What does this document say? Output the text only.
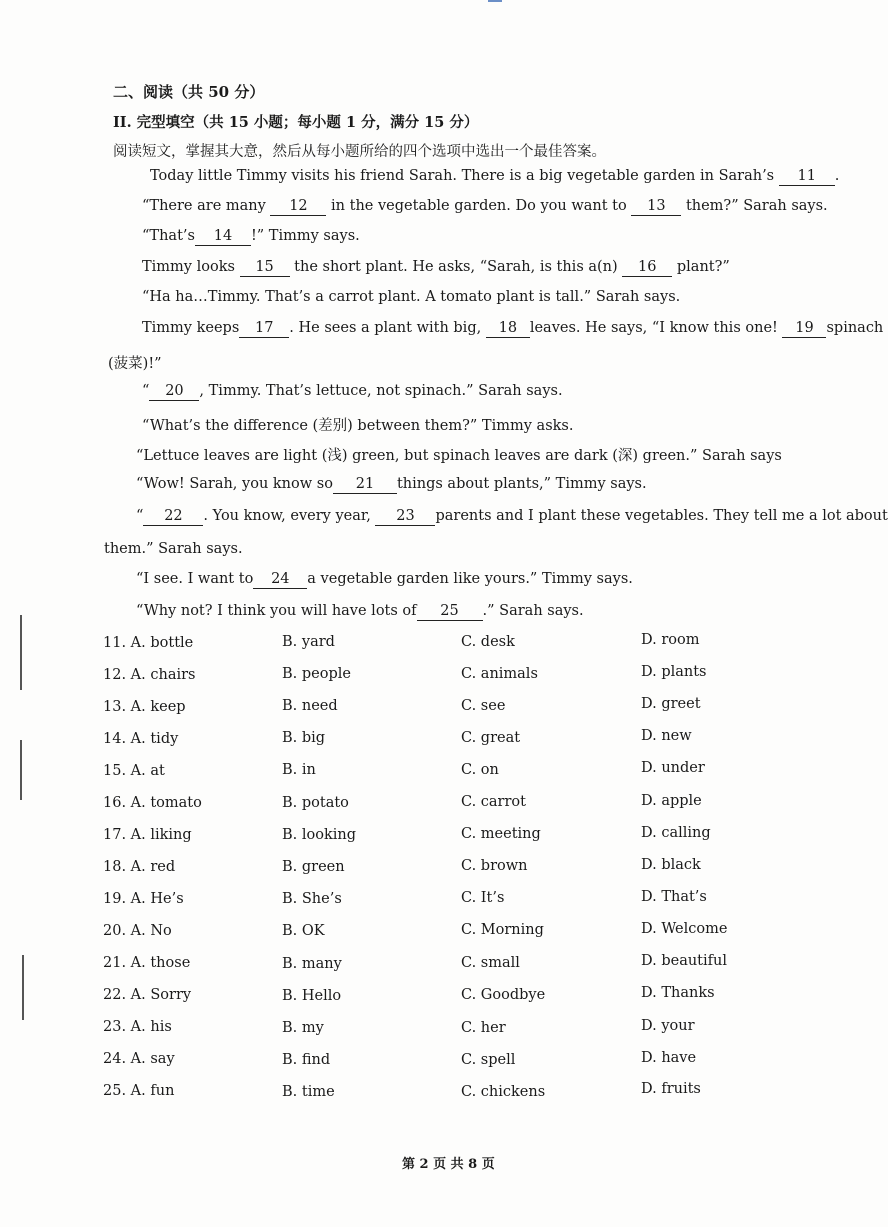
二、阅读（共 50 分）
II. 完型填空（共 15 小题；每小题 1 分，满分 15 分）
阅读短文，掌握其大意，然后从每小题所给的四个选项中选出一个最佳答案。
Today little Timmy visits his friend Sarah. There is a big vegetable garden in Sarah’s 11 .
“There are many 12 in the vegetable garden. Do you want to 13 them?” Sarah says.
“That’s 14 !” Timmy says.
Timmy looks 15 the short plant. He asks, “Sarah, is this a(n) 16 plant?”
“Ha ha…Timmy. That’s a carrot plant. A tomato plant is tall.” Sarah says.
Timmy keeps 17 . He sees a plant with big, 18 leaves. He says, “I know this one! 19 spinach
(菠菜)!”
“ 20 , Timmy. That’s lettuce, not spinach.” Sarah says.
“What’s the difference (差别) between them?” Timmy asks.
“Lettuce leaves are light (浅) green, but spinach leaves are dark (深) green.” Sarah says
“Wow! Sarah, you know so 21 things about plants,” Timmy says.
“ 22 . You know, every year, 23 parents and I plant these vegetables. They tell me a lot about
them.” Sarah says.
“I see. I want to 24 a vegetable garden like yours.” Timmy says.
“Why not? I think you will have lots of 25 .” Sarah says.
11. A. bottle	B. yard	C. desk	D. room
12. A. chairs	B. people	C. animals	D. plants
13. A. keep	B. need	C. see	D. greet
14. A. tidy	B. big	C. great	D. new
15. A. at	B. in	C. on	D. under
16. A. tomato	B. potato	C. carrot	D. apple
17. A. liking	B. looking	C. meeting	D. calling
18. A. red	B. green	C. brown	D. black
19. A. He’s	B. She’s	C. It’s	D. That’s
20. A. No	B. OK	C. Morning	D. Welcome
21. A. those	B. many	C. small	D. beautiful
22. A. Sorry	B. Hello	C. Goodbye	D. Thanks
23. A. his	B. my	C. her	D. your
24. A. say	B. find	C. spell	D. have
25. A. fun	B. time	C. chickens	D. fruits
第 2 页 共 8 页
